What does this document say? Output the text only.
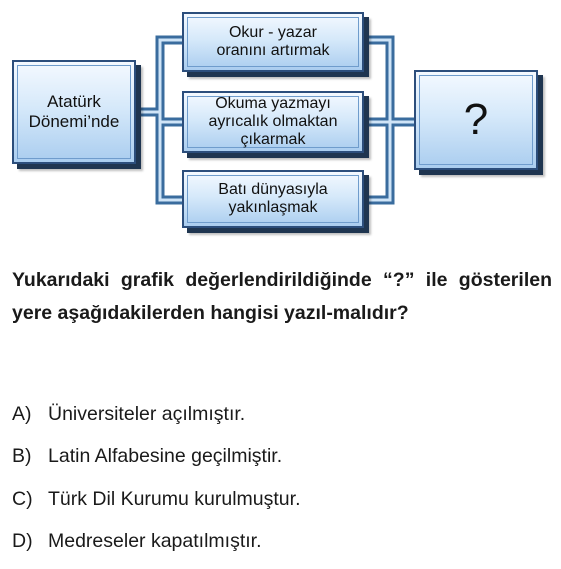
Atatürk
Dönemi’nde
Okur - yazar
oranını artırmak
Okuma yazmayı
ayrıcalık olmaktan
çıkarmak
Batı dünyasıyla
yakınlaşmak
?
Yukarıdaki grafik değerlendirildiğinde “?” ile gösterilen yere aşağıdakilerden hangisi yazıl-malıdır?
A) Üniversiteler açılmıştır.
B) Latin Alfabesine geçilmiştir.
C) Türk Dil Kurumu kurulmuştur.
D) Medreseler kapatılmıştır.
